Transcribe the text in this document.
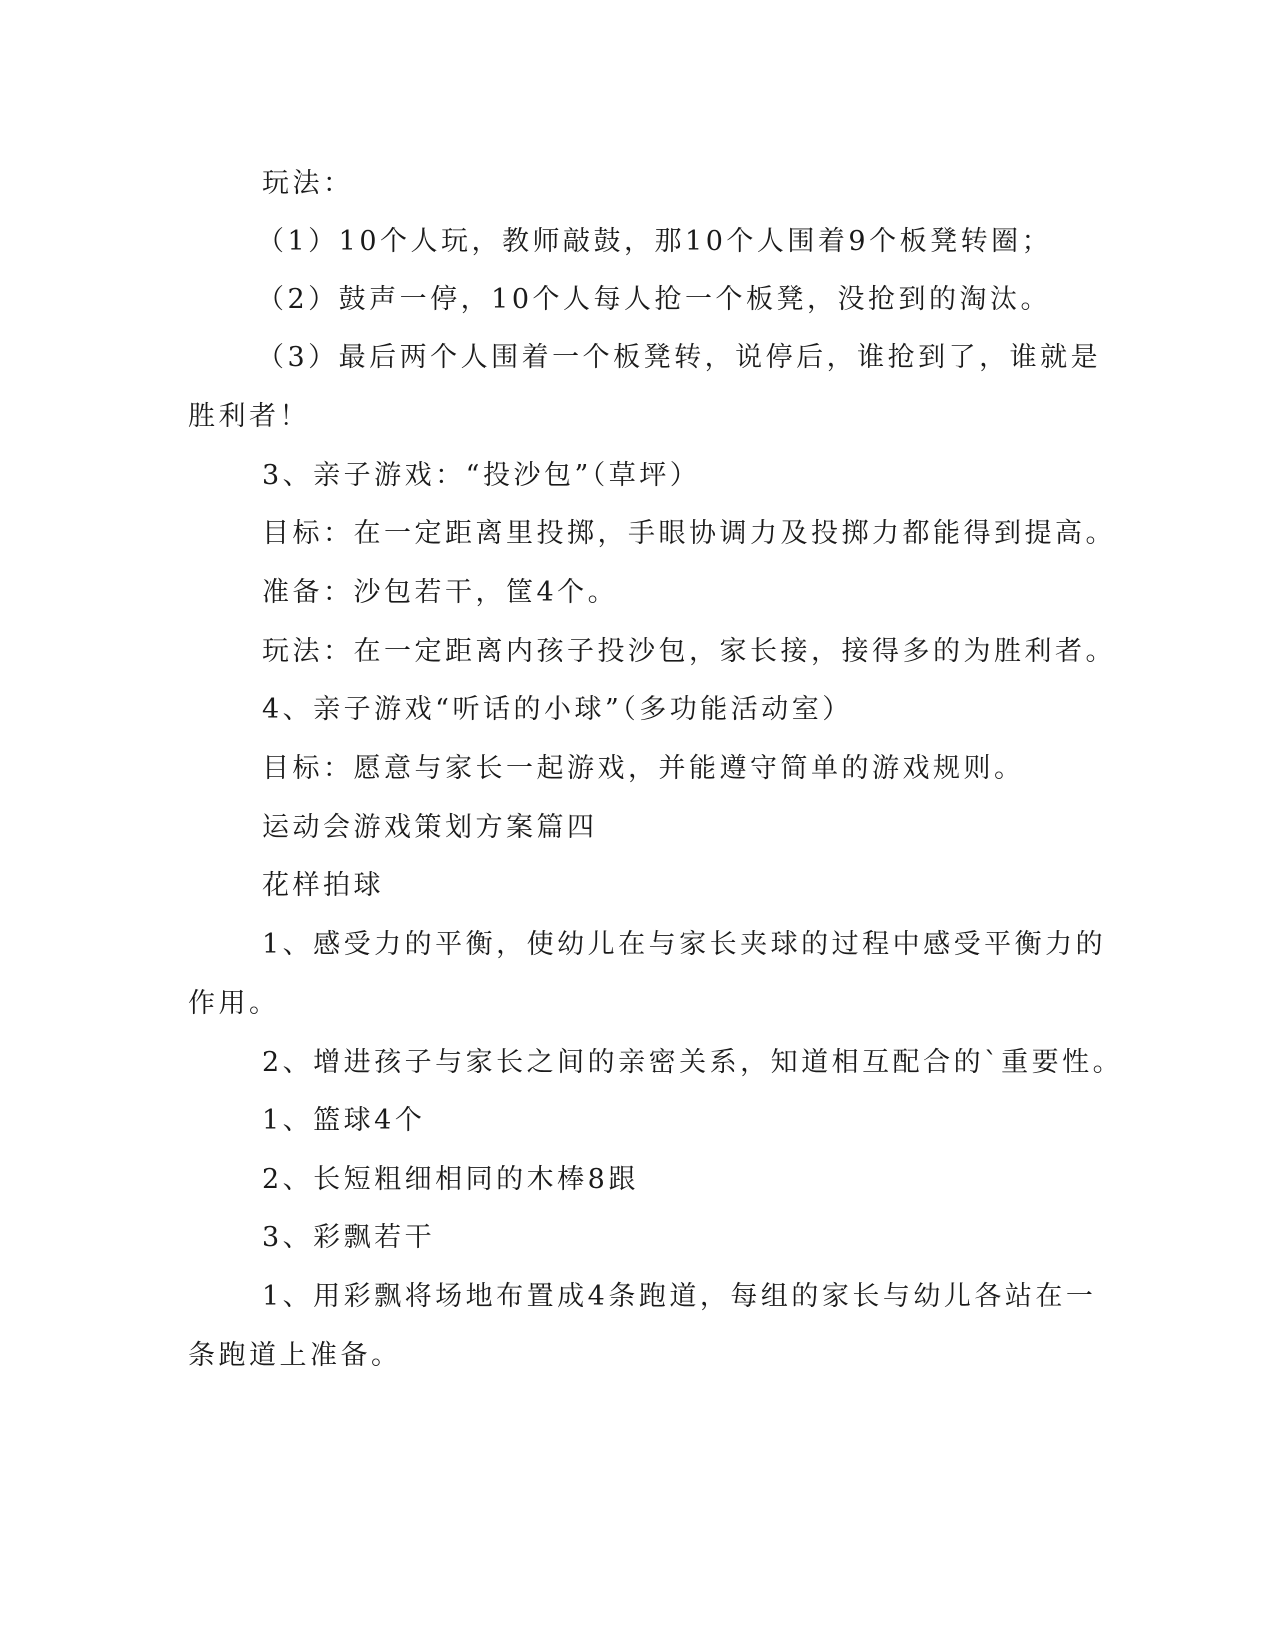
玩法：

（1）10个人玩，教师敲鼓，那10个人围着9个板凳转圈；

（2）鼓声一停，10个人每人抢一个板凳，没抢到的淘汰。

（3）最后两个人围着一个板凳转，说停后，谁抢到了，谁就是

胜利者！

3、亲子游戏：“投沙包”（草坪）

目标：在一定距离里投掷，手眼协调力及投掷力都能得到提高。

准备：沙包若干，筐4个。

玩法：在一定距离内孩子投沙包，家长接，接得多的为胜利者。

4、亲子游戏“听话的小球”（多功能活动室）

目标：愿意与家长一起游戏，并能遵守简单的游戏规则。

运动会游戏策划方案篇四

花样拍球

1、感受力的平衡，使幼儿在与家长夹球的过程中感受平衡力的

作用。

2、增进孩子与家长之间的亲密关系，知道相互配合的`重要性。

1、篮球4个

2、长短粗细相同的木棒8跟

3、彩飘若干

1、用彩飘将场地布置成4条跑道，每组的家长与幼儿各站在一

条跑道上准备。
